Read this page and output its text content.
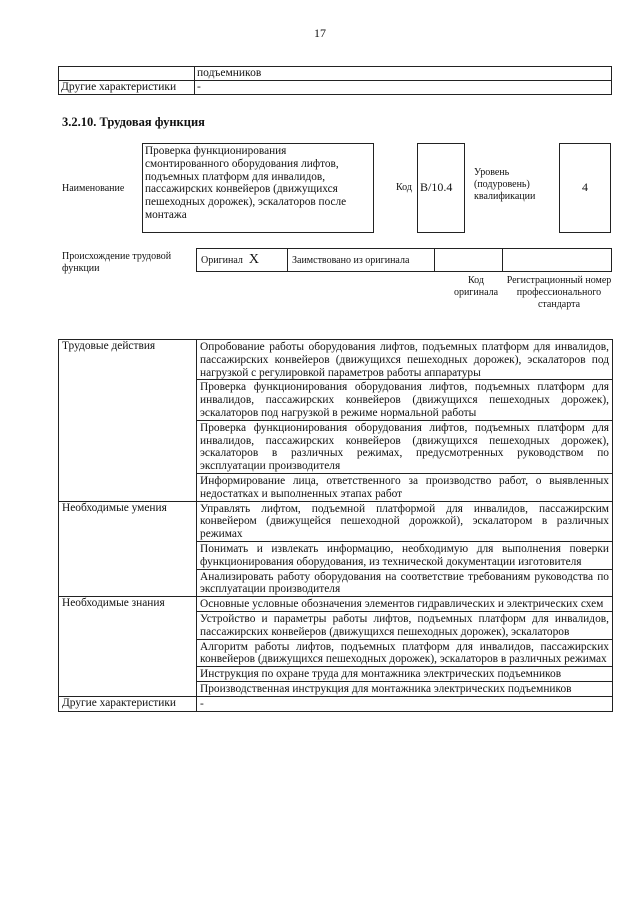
17
	подъемников
Другие характеристики	-
3.2.10. Трудовая функция
Наименование
Проверка функционирования смонтированного оборудования лифтов, подъемных платформ для инвалидов, пассажирских конвейеров (движущихся пешеходных дорожек), эскалаторов после монтажа
Код В/10.4
Уровень (подуровень) квалификации
4
Происхождение трудовой функции
Оригинал X	Заимствовано из оригинала		
Код оригинала
Регистрационный номер профессионального стандарта
Трудовые действия	Опробование работы оборудования лифтов, подъемных платформ для инвалидов, пассажирских конвейеров (движущихся пешеходных дорожек), эскалаторов под нагрузкой с регулировкой параметров работы аппаратуры
	Проверка функционирования оборудования лифтов, подъемных платформ для инвалидов, пассажирских конвейеров (движущихся пешеходных дорожек), эскалаторов под нагрузкой в режиме нормальной работы
	Проверка функционирования оборудования лифтов, подъемных платформ для инвалидов, пассажирских конвейеров (движущихся пешеходных дорожек), эскалаторов в различных режимах, предусмотренных руководством по эксплуатации производителя
	Информирование лица, ответственного за производство работ, о выявленных недостатках и выполненных этапах работ
Необходимые умения	Управлять лифтом, подъемной платформой для инвалидов, пассажирским конвейером (движущейся пешеходной дорожкой), эскалатором в различных режимах
	Понимать и извлекать информацию, необходимую для выполнения поверки функционирования оборудования, из технической документации изготовителя
	Анализировать работу оборудования на соответствие требованиям руководства по эксплуатации производителя
Необходимые знания	Основные условные обозначения элементов гидравлических и электрических схем
	Устройство и параметры работы лифтов, подъемных платформ для инвалидов, пассажирских конвейеров (движущихся пешеходных дорожек), эскалаторов
	Алгоритм работы лифтов, подъемных платформ для инвалидов, пассажирских конвейеров (движущихся пешеходных дорожек), эскалаторов в различных режимах
	Инструкция по охране труда для монтажника электрических подъемников
	Производственная инструкция для монтажника электрических подъемников
Другие характеристики	-
